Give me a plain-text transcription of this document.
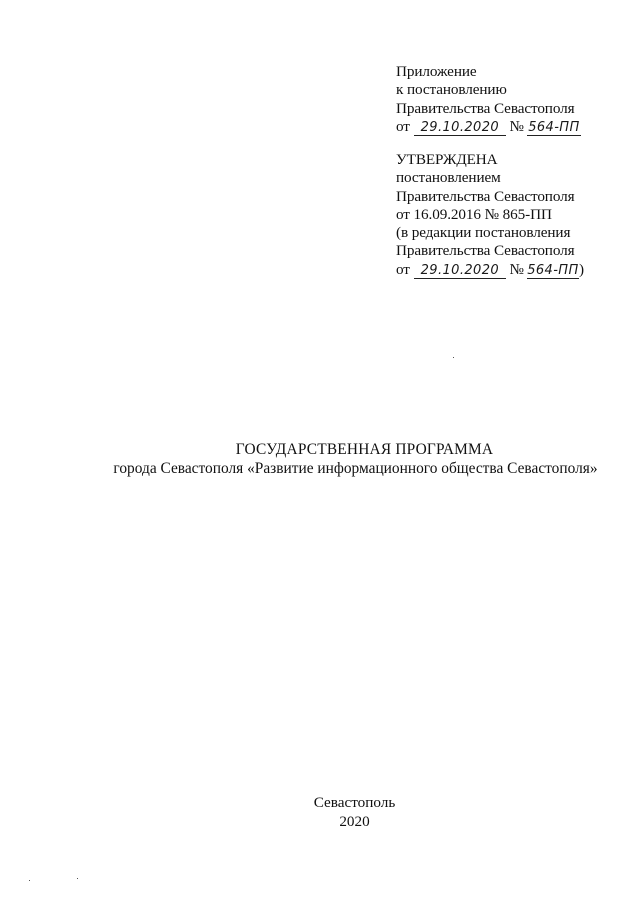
Приложение
к постановлению
Правительства Севастополя
от 29.10.2020 № 564-ПП
УТВЕРЖДЕНА
постановлением
Правительства Севастополя
от 16.09.2016 № 865-ПП
(в редакции постановления
Правительства Севастополя
от 29.10.2020 № 564-ПП)
ГОСУДАРСТВЕННАЯ ПРОГРАММА
города Севастополя «Развитие информационного общества Севастополя»
Севастополь
2020
